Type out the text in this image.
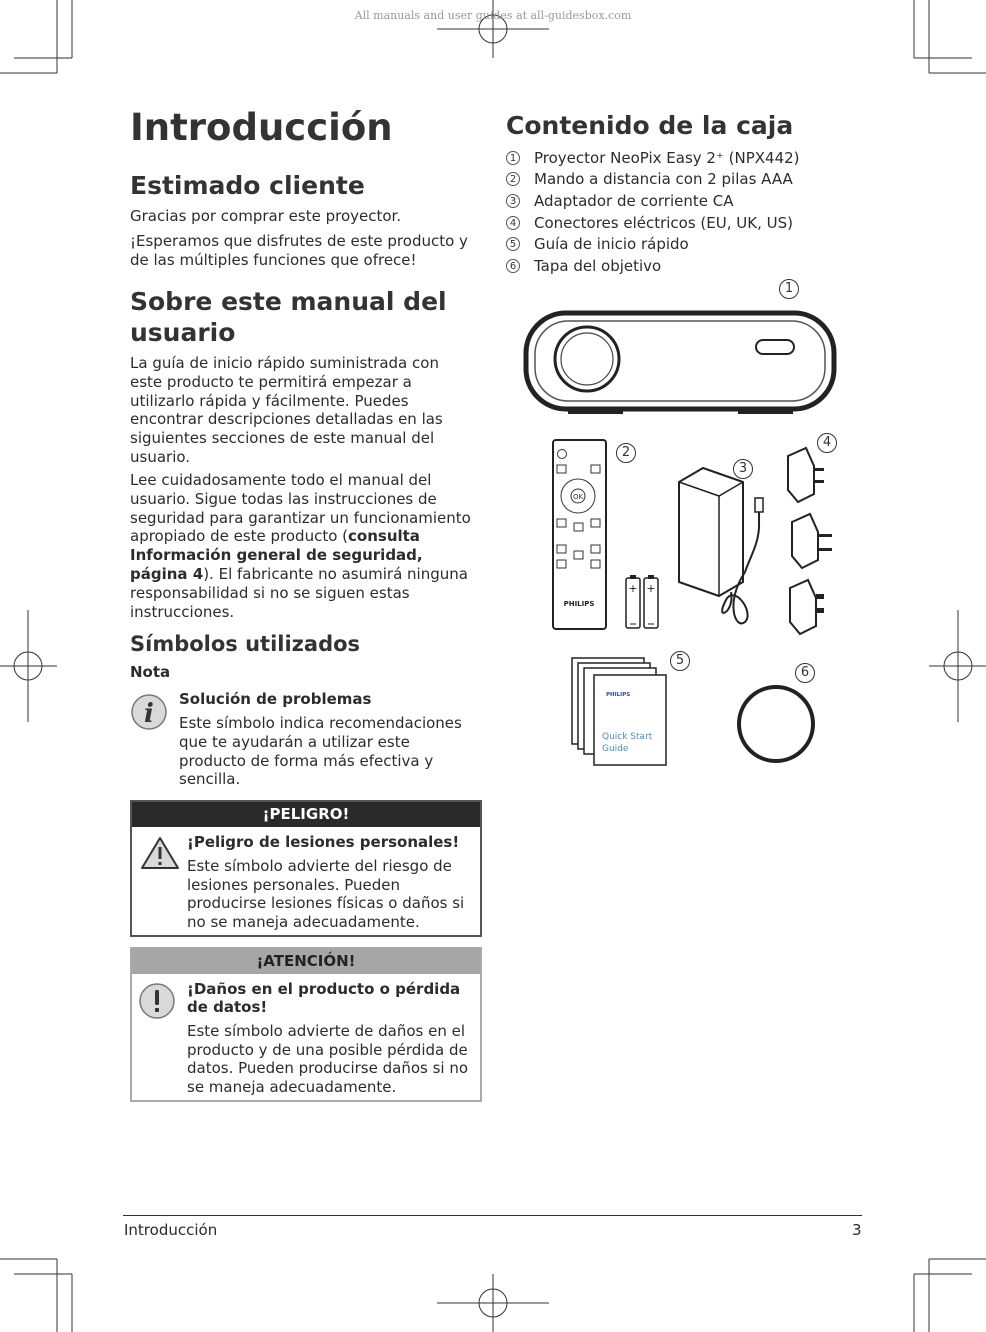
All manuals and user guides at all-guidesbox.com
Introducción
Estimado cliente

Gracias por comprar este proyector.

¡Esperamos que disfrutes de este producto y de las múltiples funciones que ofrece!

Sobre este manual del usuario

La guía de inicio rápido suministrada con este producto te permitirá empezar a utilizarlo rápida y fácilmente. Puedes encontrar descripciones detalladas en las siguientes secciones de este manual del usuario.

Lee cuidadosamente todo el manual del usuario. Sigue todas las instrucciones de seguridad para garantizar un funcionamiento apropiado de este producto (consulta Información general de seguridad, página 4). El fabricante no asumirá ninguna responsabilidad si no se siguen estas instrucciones.

Símbolos utilizados
Nota
i Solución de problemas

Este símbolo indica recomendaciones que te ayudarán a utilizar este producto de forma más efectiva y sencilla.

¡PELIGRO!

¡Peligro de lesiones personales!

Este símbolo advierte del riesgo de lesiones personales. Pueden producirse lesiones físicas o daños si no se maneja adecuadamente.

¡ATENCIÓN!

¡Daños en el producto o pérdida de datos!

Este símbolo advierte de daños en el producto y de una posible pérdida de datos. Pueden producirse daños si no se maneja adecuadamente.

Contenido de la caja
1 Proyector NeoPix Easy 2⁺ (NPX442)
2 Mando a distancia con 2 pilas AAA
3 Adaptador de corriente CA
4 Conectores eléctricos (EU, UK, US)
5 Guía de inicio rápido
6 Tapa del objetivo
OK
PHILIPS
+ +
PHILIPS
Quick Start
Guide
1
2
3
4
5
6
Introducción	3
